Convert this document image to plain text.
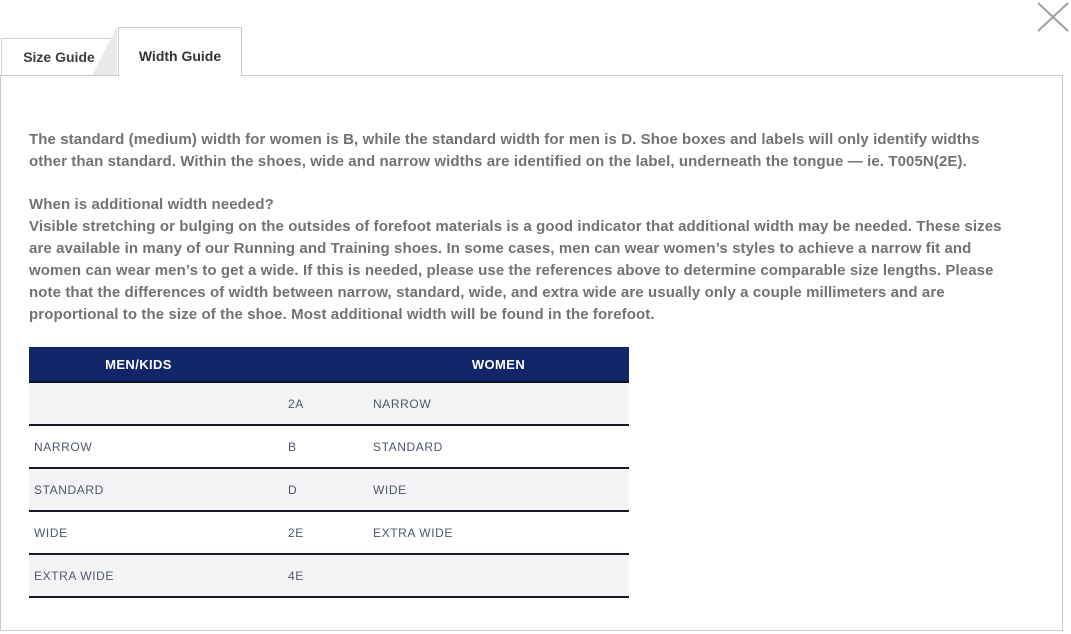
Size Guide	Width Guide

The standard (medium) width for women is B, while the standard width for men is D. Shoe boxes and labels will only identify widths other than standard. Within the shoes, wide and narrow widths are identified on the label, underneath the tongue — ie. T005N(2E).

When is additional width needed?
Visible stretching or bulging on the outsides of forefoot materials is a good indicator that additional width may be needed. These sizes are available in many of our Running and Training shoes. In some cases, men can wear women’s styles to achieve a narrow fit and women can wear men’s to get a wide. If this is needed, please use the references above to determine comparable size lengths. Please note that the differences of width between narrow, standard, wide, and extra wide are usually only a couple millimeters and are proportional to the size of the shoe. Most additional width will be found in the forefoot.

MEN/KIDS		WOMEN
	2A	NARROW
NARROW	B	STANDARD
STANDARD	D	WIDE
WIDE	2E	EXTRA WIDE
EXTRA WIDE	4E	
